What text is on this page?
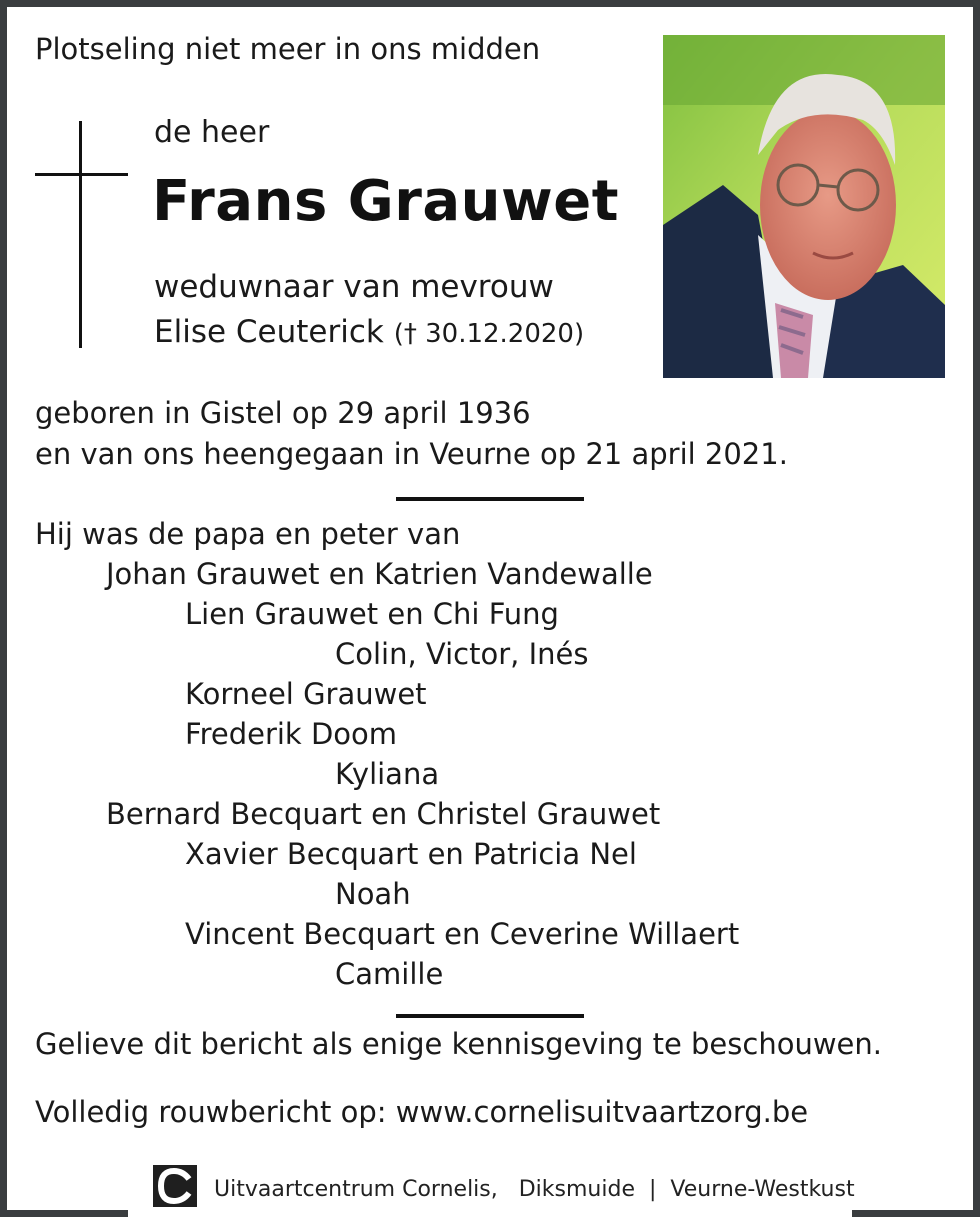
Plotseling niet meer in ons midden
de heer
Frans Grauwet
weduwnaar van mevrouw
Elise Ceuterick († 30.12.2020)
geboren in Gistel op 29 april 1936
en van ons heengegaan in Veurne op 21 april 2021.
Hij was de papa en peter van
Johan Grauwet en Katrien Vandewalle
Lien Grauwet en Chi Fung
Colin, Victor, Inés
Korneel Grauwet
Frederik Doom
Kyliana
Bernard Becquart en Christel Grauwet
Xavier Becquart en Patricia Nel
Noah
Vincent Becquart en Ceverine Willaert
Camille
Gelieve dit bericht als enige kennisgeving te beschouwen.
Volledig rouwbericht op: www.cornelisuitvaartzorg.be
Uitvaartcentrum Cornelis, Diksmuide | Veurne-Westkust
